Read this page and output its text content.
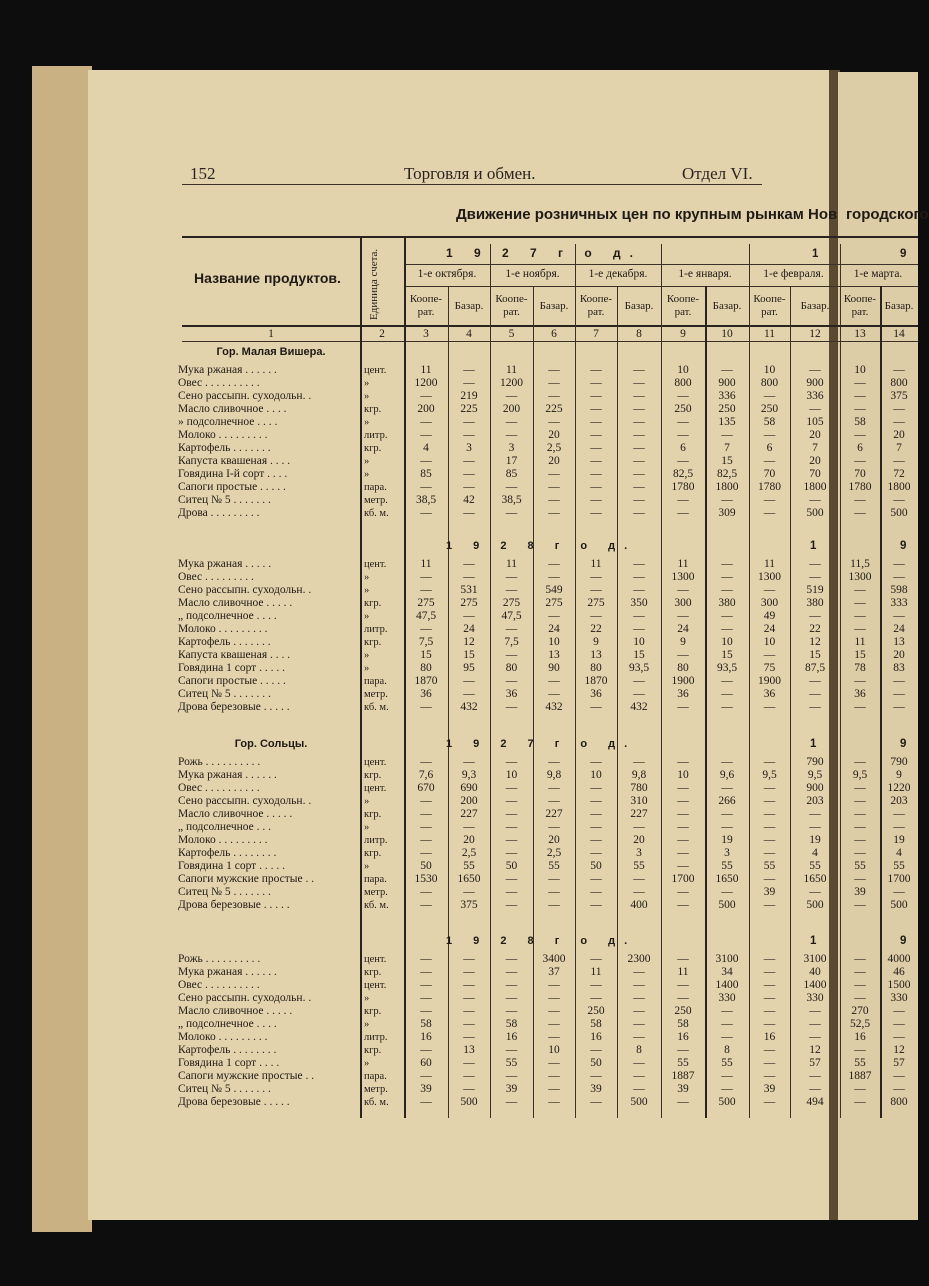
152	Торговля и обмен.	Отдел VI.
Движение розничных цен по крупным рынкам Нов городского
Название продуктов. Единица счета.	1 9 2 7 г о д.	1	9
1-е октября.	1-е ноября.	1-е декабря.	1-е января.	1-е февраля.	1-е марта.
Коопе-рат.	Базар.
Коопе-рат.	Базар.
Коопе-рат.	Базар.
Коопе-рат.	Базар.
Коопе-рат.	Базар.
Коопе-рат.	Базар.
1	2	3	4	5	6	7	8	9	10	11	12	13	14
Гор. Малая Вишера.
Мука ржаная . . . . . .	цент.	11	—	11	—	—	—	10	—	10	—	10	—
Овес . . . . . . . . . .	»	1200	—	1200	—	—	—	800	900	800	900	—	800
Сено рассыпн. суходольн. .	»	—	219	—	—	—	—	—	336	—	336	—	375
Масло сливочное . . . .	кгр.	200	225	200	225	—	—	250	250	250	—	—	—
» подсолнечное . . . .	»	—	—	—	—	—	—	—	135	58	105	58	—
Молоко . . . . . . . . .	литр.	—	—	—	20	—	—	—	—	—	20	—	20
Картофель . . . . . . .	кгр.	4	3	3	2,5	—	—	6	7	6	7	6	7
Капуста квашеная . . . .	»	—	—	17	20	—	—	—	15	—	20	—	—
Говядина I-й сорт . . . .	»	85	—	85	—	—	—	82,5	82,5	70	70	70	72
Сапоги простые . . . . .	пара.	—	—	—	—	—	—	1780	1800	1780	1800	1780	1800
Ситец № 5 . . . . . . .	метр.	38,5	42	38,5	—	—	—	—	—	—	—	—	—
Дрова . . . . . . . . .	кб. м.	—	—	—	—	—	—	—	309	—	500	—	500
1 9 2 8 г о д.	1	9
Мука ржаная . . . . .	цент.	11	—	11	—	11	—	11	—	11	—	11,5	—
Овес . . . . . . . . .	»	—	—	—	—	—	—	1300	—	1300	—	1300	—
Сено рассыпн. суходольн. .	»	—	531	—	549	—	—	—	—	—	519	—	598
Масло сливочное . . . . .	кгр.	275	275	275	275	275	350	300	380	300	380	—	333
„ подсолнечное . . . .	»	47,5	—	47,5	—	—	—	—	—	49	—	—	—
Молоко . . . . . . . . .	литр.	—	24	—	24	22	—	24	—	24	22	—	24
Картофель . . . . . . .	кгр.	7,5	12	7,5	10	9	10	9	10	10	12	11	13
Капуста квашеная . . . .	»	15	15	—	13	13	15	—	15	—	15	15	20
Говядина 1 сорт . . . . .	»	80	95	80	90	80	93,5	80	93,5	75	87,5	78	83
Сапоги простые . . . . .	пара.	1870	—	—	—	1870	—	1900	—	1900	—	—	—
Ситец № 5 . . . . . . .	метр.	36	—	36	—	36	—	36	—	36	—	36	—
Дрова березовые . . . . .	кб. м.	—	432	—	432	—	432	—	—	—	—	—	—
Гор. Сольцы.	1 9 2 7 г о д.	1	9
Рожь . . . . . . . . . .	цент.	—	—	—	—	—	—	—	—	—	790	—	790
Мука ржаная . . . . . .	кгр.	7,6	9,3	10	9,8	10	9,8	10	9,6	9,5	9,5	9,5	9
Овес . . . . . . . . . .	цент.	670	690	—	—	—	780	—	—	—	900	—	1220
Сено рассыпн. суходольн. .	»	—	200	—	—	—	310	—	266	—	203	—	203
Масло сливочное . . . . .	кгр.	—	227	—	227	—	227	—	—	—	—	—	—
„ подсолнечное . . .	»	—	—	—	—	—	—	—	—	—	—	—	—
Молоко . . . . . . . . .	литр.	—	20	—	20	—	20	—	19	—	19	—	19
Картофель . . . . . . . .	кгр.	—	2,5	—	2,5	—	3	—	3	—	4	—	4
Говядина 1 сорт . . . . .	»	50	55	50	55	50	55	—	55	55	55	55	55
Сапоги мужские простые . .	пара.	1530	1650	—	—	—	—	1700	1650	—	1650	—	1700
Ситец № 5 . . . . . . .	метр.	—	—	—	—	—	—	—	—	39	—	39	—
Дрова березовые . . . . .	кб. м.	—	375	—	—	—	400	—	500	—	500	—	500
1 9 2 8 г о д.	1	9
Рожь . . . . . . . . . .	цент.	—	—	—	3400	—	2300	—	3100	—	3100	—	4000
Мука ржаная . . . . . .	кгр.	—	—	—	37	11	—	11	34	—	40	—	46
Овес . . . . . . . . . .	цент.	—	—	—	—	—	—	—	1400	—	1400	—	1500
Сено рассыпн. суходольн. .	»	—	—	—	—	—	—	—	330	—	330	—	330
Масло сливочное . . . . .	кгр.	—	—	—	—	250	—	250	—	—	—	270	—
„ подсолнечное . . . .	»	58	—	58	—	58	—	58	—	—	—	52,5	—
Молоко . . . . . . . . .	литр.	16	—	16	—	16	—	16	—	16	—	16	—
Картофель . . . . . . . .	кгр.	—	13	—	10	—	8	—	8	—	12	—	12
Говядина 1 сорт . . . .	»	60	—	55	—	50	—	55	55	—	57	55	57
Сапоги мужские простые . .	пара.	—	—	—	—	—	—	1887	—	—	—	1887	—
Ситец № 5 . . . . . . .	метр.	39	—	39	—	39	—	39	—	39	—	—	—
Дрова березовые . . . . .	кб. м.	—	500	—	—	—	500	—	500	—	494	—	800
